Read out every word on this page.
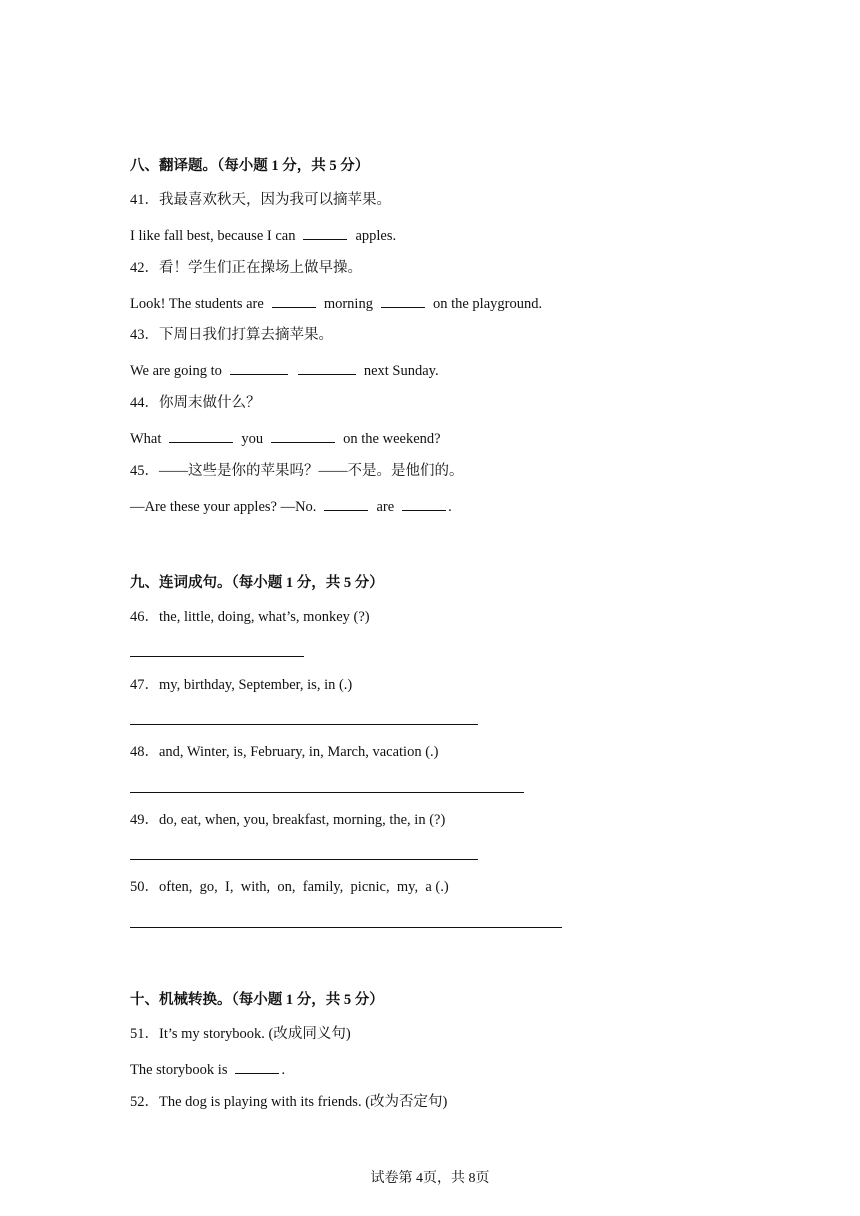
八、翻译题。（每小题 1 分，共 5 分）
41．我最喜欢秋天，因为我可以摘苹果。
I like fall best, because I can	apples.
42．看！学生们正在操场上做早操。
Look! The students are	morning	on the playground.
43．下周日我们打算去摘苹果。
We are going to	next Sunday.
44．你周末做什么？
What	you	on the weekend?
45．——这些是你的苹果吗？——不是。是他们的。
—Are these your apples? —No.	are	.
九、连词成句。（每小题 1 分，共 5 分）
46．the, little, doing, what’s, monkey (?)
47．my, birthday, September, is, in (.)
48．and, Winter, is, February, in, March, vacation (.)
49．do, eat, when, you, breakfast, morning, the, in (?)
50．often,  go,  I,  with,  on,  family,  picnic,  my,  a (.)
十、机械转换。（每小题 1 分，共 5 分）
51．It’s my storybook. (改成同义句)
The storybook is	.
52．The dog is playing with its friends. (改为否定句)
试卷第 4页，共 8页
